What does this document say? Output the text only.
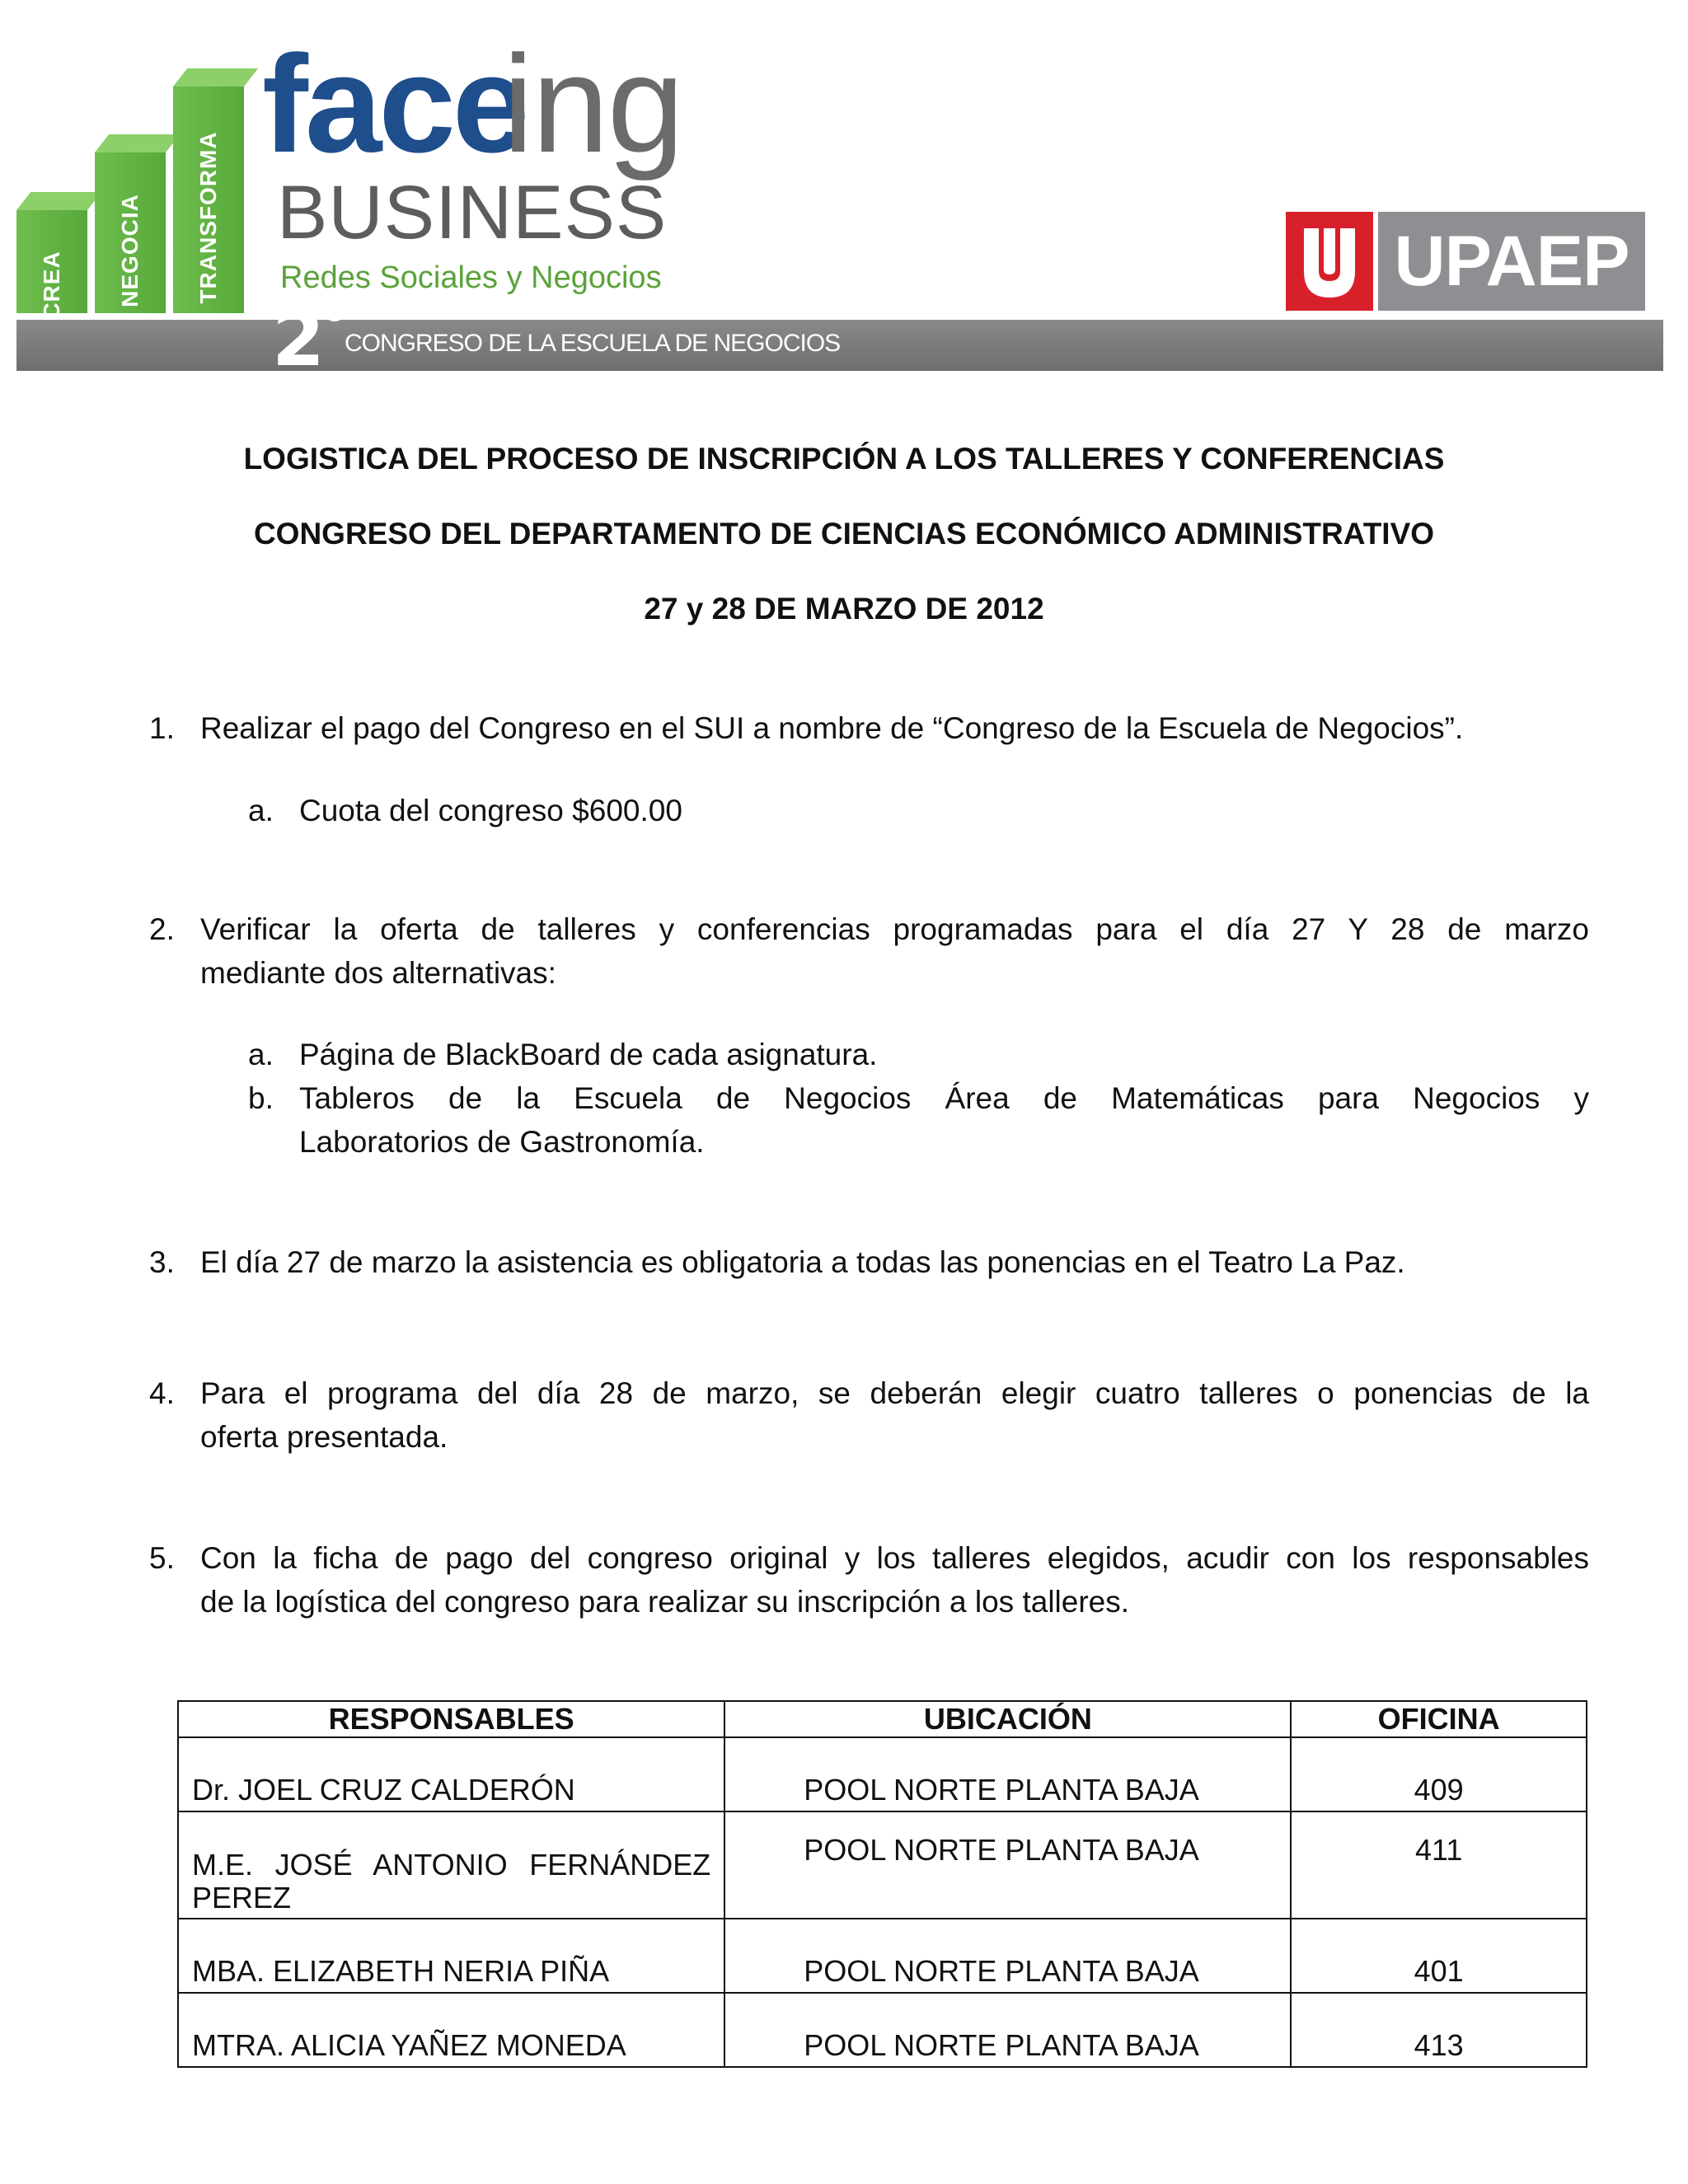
CREA NEGOCIA TRANSFORMA
face
ing
BUSINESS
Redes Sociales y Negocios
2 CONGRESO DE LA ESCUELA DE NEGOCIOS
UPAEP
LOGISTICA DEL PROCESO DE INSCRIPCIÓN A LOS TALLERES Y CONFERENCIAS
CONGRESO DEL DEPARTAMENTO DE CIENCIAS ECONÓMICO ADMINISTRATIVO
27 y 28 DE MARZO DE 2012
1. Realizar el pago del Congreso en el SUI a nombre de “Congreso de la Escuela de Negocios”.
a. Cuota del congreso $600.00
2. Verificar la oferta de talleres y conferencias programadas para el día 27 Y 28 de marzo
mediante dos alternativas:
a. Página de BlackBoard de cada asignatura.
b. Tableros de la Escuela de Negocios Área de Matemáticas para Negocios y
Laboratorios de Gastronomía.
3. El día 27 de marzo la asistencia es obligatoria a todas las ponencias en el Teatro La Paz.
4. Para el programa del día 28 de marzo, se deberán elegir cuatro talleres o ponencias de la
oferta presentada.
5. Con la ficha de pago del congreso original y los talleres elegidos, acudir con los responsables
de la logística del congreso para realizar su inscripción a los talleres.
RESPONSABLES	UBICACIÓN	OFICINA
Dr. JOEL CRUZ CALDERÓN	POOL NORTE PLANTA BAJA	409

M.E. JOSÉ ANTONIO FERNÁNDEZ
PEREZ	POOL NORTE PLANTA BAJA	411
MBA. ELIZABETH NERIA PIÑA	POOL NORTE PLANTA BAJA	401
MTRA. ALICIA YAÑEZ MONEDA	POOL NORTE PLANTA BAJA	413
